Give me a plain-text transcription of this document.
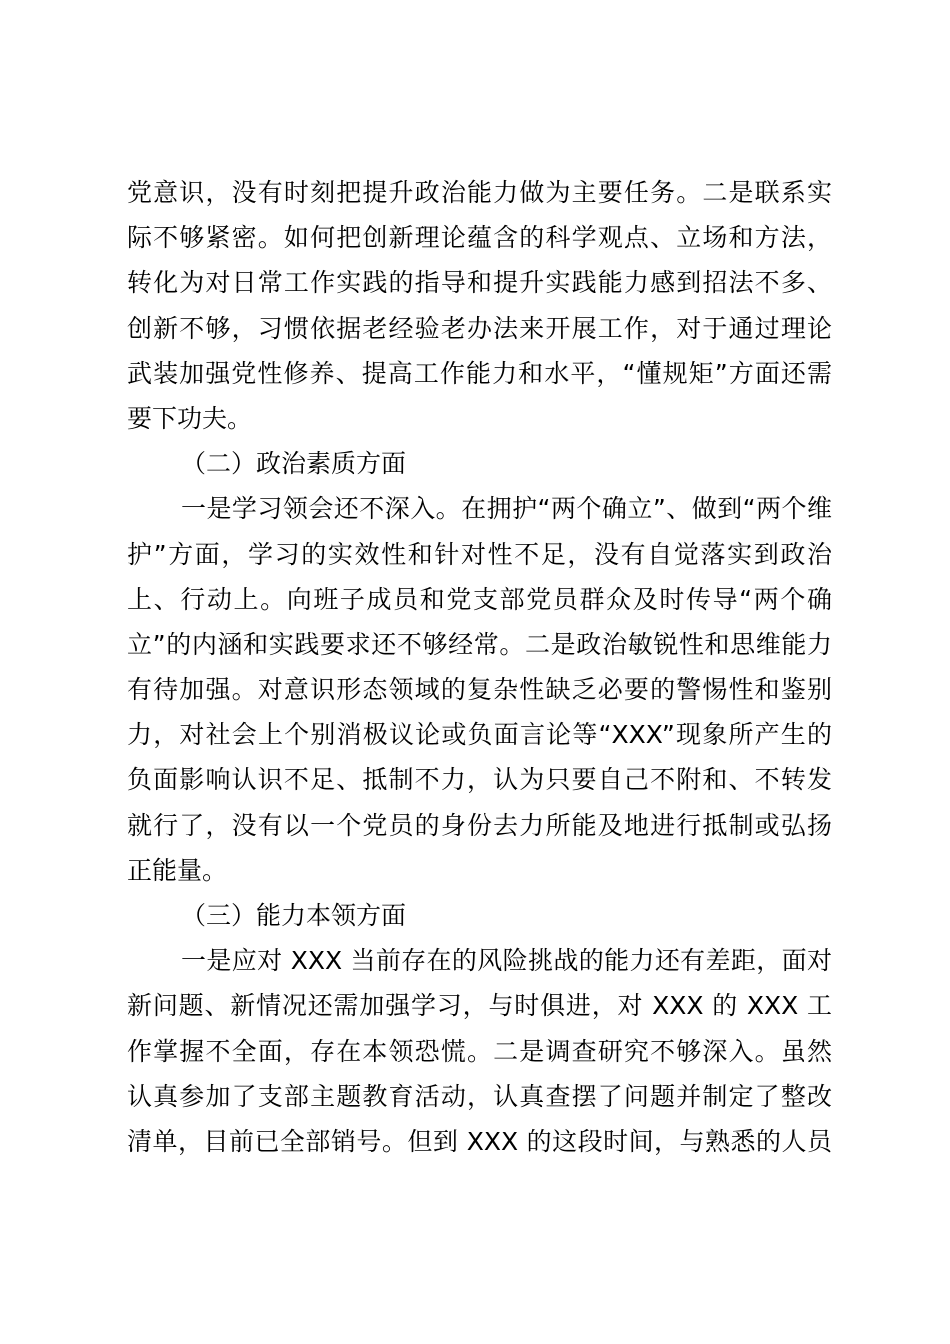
党意识，没有时刻把提升政治能力做为主要任务。二是联系实
际不够紧密。如何把创新理论蕴含的科学观点、立场和方法，
转化为对日常工作实践的指导和提升实践能力感到招法不多、
创新不够，习惯依据老经验老办法来开展工作，对于通过理论
武装加强党性修养、提高工作能力和水平，“懂规矩”方面还需
要下功夫。
（二）政治素质方面
一是学习领会还不深入。在拥护“两个确立”、做到“两个维
护”方面，学习的实效性和针对性不足，没有自觉落实到政治
上、行动上。向班子成员和党支部党员群众及时传导“两个确
立”的内涵和实践要求还不够经常。二是政治敏锐性和思维能力
有待加强。对意识形态领域的复杂性缺乏必要的警惕性和鉴别
力，对社会上个别消极议论或负面言论等“XXX”现象所产生的
负面影响认识不足、抵制不力，认为只要自己不附和、不转发
就行了，没有以一个党员的身份去力所能及地进行抵制或弘扬
正能量。
（三）能力本领方面
一是应对 XXX 当前存在的风险挑战的能力还有差距，面对
新问题、新情况还需加强学习，与时俱进，对 XXX 的 XXX 工
作掌握不全面，存在本领恐慌。二是调查研究不够深入。虽然
认真参加了支部主题教育活动，认真查摆了问题并制定了整改
清单，目前已全部销号。但到 XXX 的这段时间，与熟悉的人员
